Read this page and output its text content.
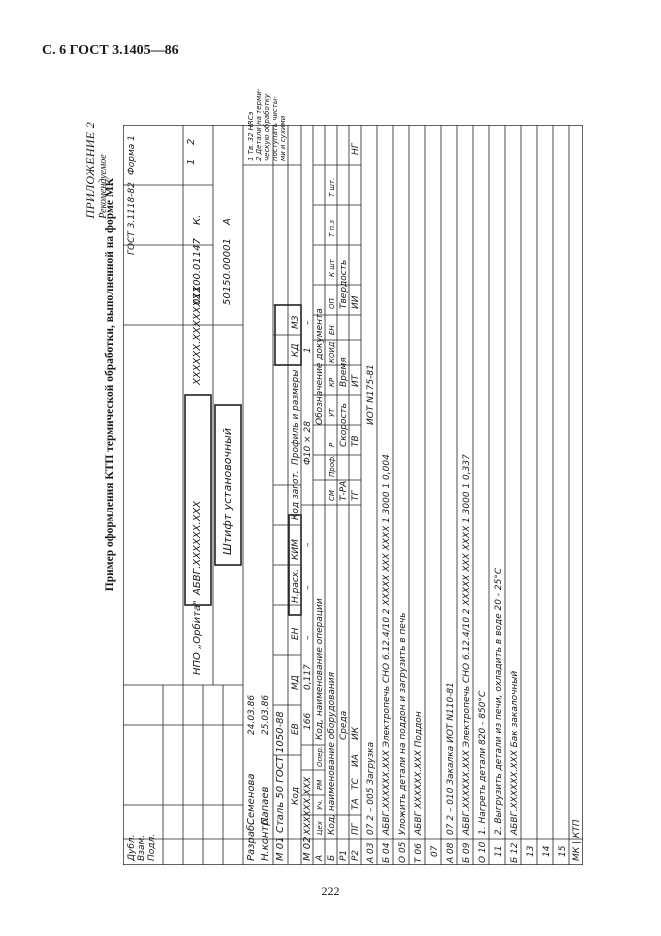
С. 6 ГОСТ 3.1405—86
ПРИЛОЖЕНИЕ 2 Рекомендуемое
Пример оформления КТП термической обработки, выполненной на форме МК
Дубл. Взам. Подл.
ГОСТ 3.1118-82
Форма 1	1
2
Разраб.
Семенова
24.03.86
Н.контр.
Папаев
25.03.86
НПО „Орбита"
АБВГ.ХХХХХХ.ХХХ
ХХХХХХ.ХХХХХХХХ
01100.01147
К.
50150.00001
А
Штифт установочный
1 Тв. 32 HRCэ 2 Детали на терми- ческую обработку поступать чисты- ми и сухими
М 01
Сталь 50 ГОСТ 1050-88 Код
ЕВ
МД
ЕН
Н.расх.
КИМ
Код загот.
Профиль и размеры
КД
МЗ
М 02
ХХХХХХ.ХХХ
166
0,117
–
–
–
Ф10 × 28
1
–
А Б Р1 Р2
Цех
Уч.
РМ
Опер.
Код, наименование операции
Обозначение документа
Код, наименование оборудования
СМ
Проф.
Р
УТ
КР
КОИД
ЕН
ОП
К шт
Т п.з
Т шт.
Среда
Т-РА
Скорость
Время
Твердость
ПГ
ТА
ТС
ИА
ИК
ТГ
ТВ
ИТ
ИИ
НГ
А 03
07 2 – 005 Загрузка
ИОТ N175-81
Б 04
АБВГ.ХХХХХХ.ХХХ Электропечь СНО 6.12.4/10 2 ХХХХХ ХХХ ХХХХ 1 3000 1 0,004
О 05
Уложить детали на поддон и загрузить в печь
Т 06
АБВГ ХХХХХХ.ХХХ Поддон
07 А 08
07 2 – 010 Закалка ИОТ N110-81
Б 09
АБВГ.ХХХХХХ.ХХХ Электропечь СНО 6.12.4/10 2 ХХХХХ ХХХ ХХХХ 1 3000 1 0,337
О 10
1. Нагреть детали 820 - 850°С
11
2. Выгрузить детали из печи, охладить в воде 20 - 25°С
Б 12
АБВГ.ХХХХХХ.ХХХ Бак закалочный
13 14 15 МК | КТП
222
